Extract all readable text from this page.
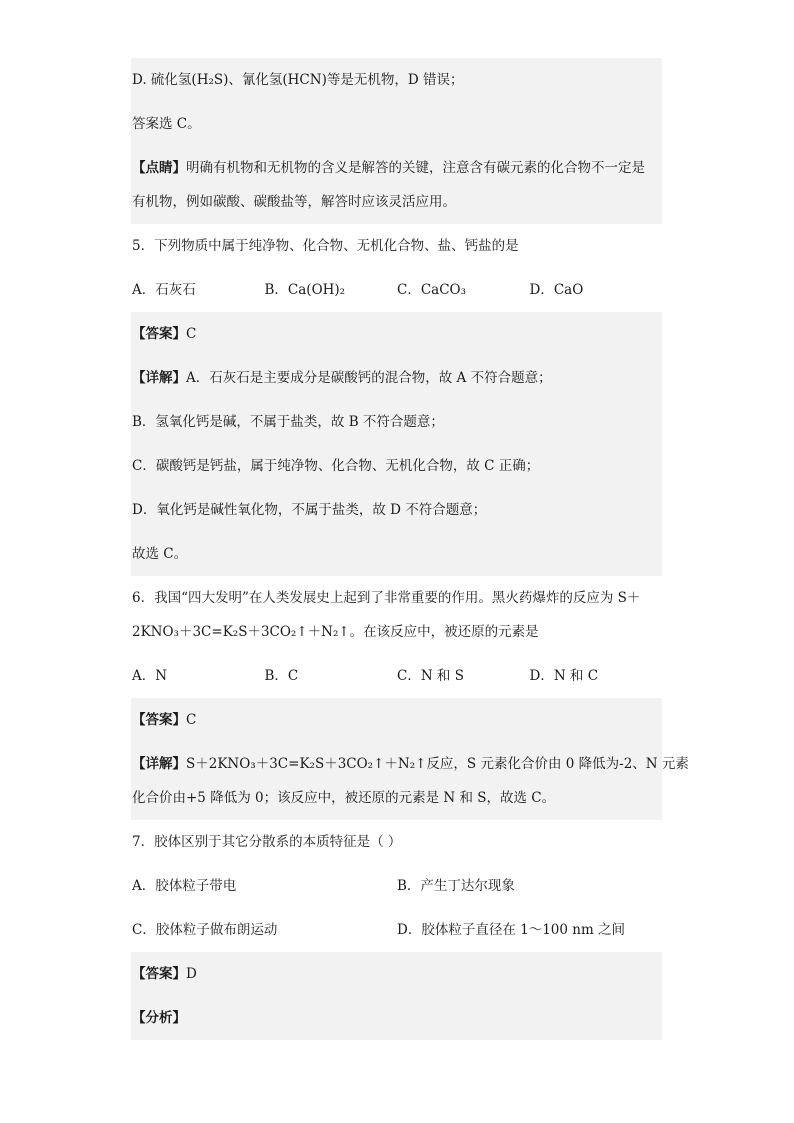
D. 硫化氢(H₂S)、氰化氢(HCN)等是无机物，D 错误；
答案选 C。
【点睛】明确有机物和无机物的含义是解答的关键，注意含有碳元素的化合物不一定是
有机物，例如碳酸、碳酸盐等，解答时应该灵活应用。
5．下列物质中属于纯净物、化合物、无机化合物、盐、钙盐的是
A．石灰石	B．Ca(OH)₂	C．CaCO₃	D．CaO
【答案】C
【详解】A．石灰石是主要成分是碳酸钙的混合物，故 A 不符合题意；
B．氢氧化钙是碱，不属于盐类，故 B 不符合题意；
C．碳酸钙是钙盐，属于纯净物、化合物、无机化合物，故 C 正确；
D．氧化钙是碱性氧化物，不属于盐类，故 D 不符合题意；
故选 C。
6．我国“四大发明”在人类发展史上起到了非常重要的作用。黑火药爆炸的反应为 S＋
2KNO₃＋3C=K₂S＋3CO₂↑＋N₂↑。在该反应中，被还原的元素是
A．N	B．C	C．N 和 S	D．N 和 C
【答案】C
【详解】S＋2KNO₃＋3C=K₂S＋3CO₂↑＋N₂↑反应，S 元素化合价由 0 降低为-2、N 元素
化合价由+5 降低为 0；该反应中，被还原的元素是 N 和 S，故选 C。
7．胶体区别于其它分散系的本质特征是（ ）
A．胶体粒子带电	B．产生丁达尔现象
C．胶体粒子做布朗运动	D．胶体粒子直径在 1～100 nm 之间
【答案】D
【分析】
